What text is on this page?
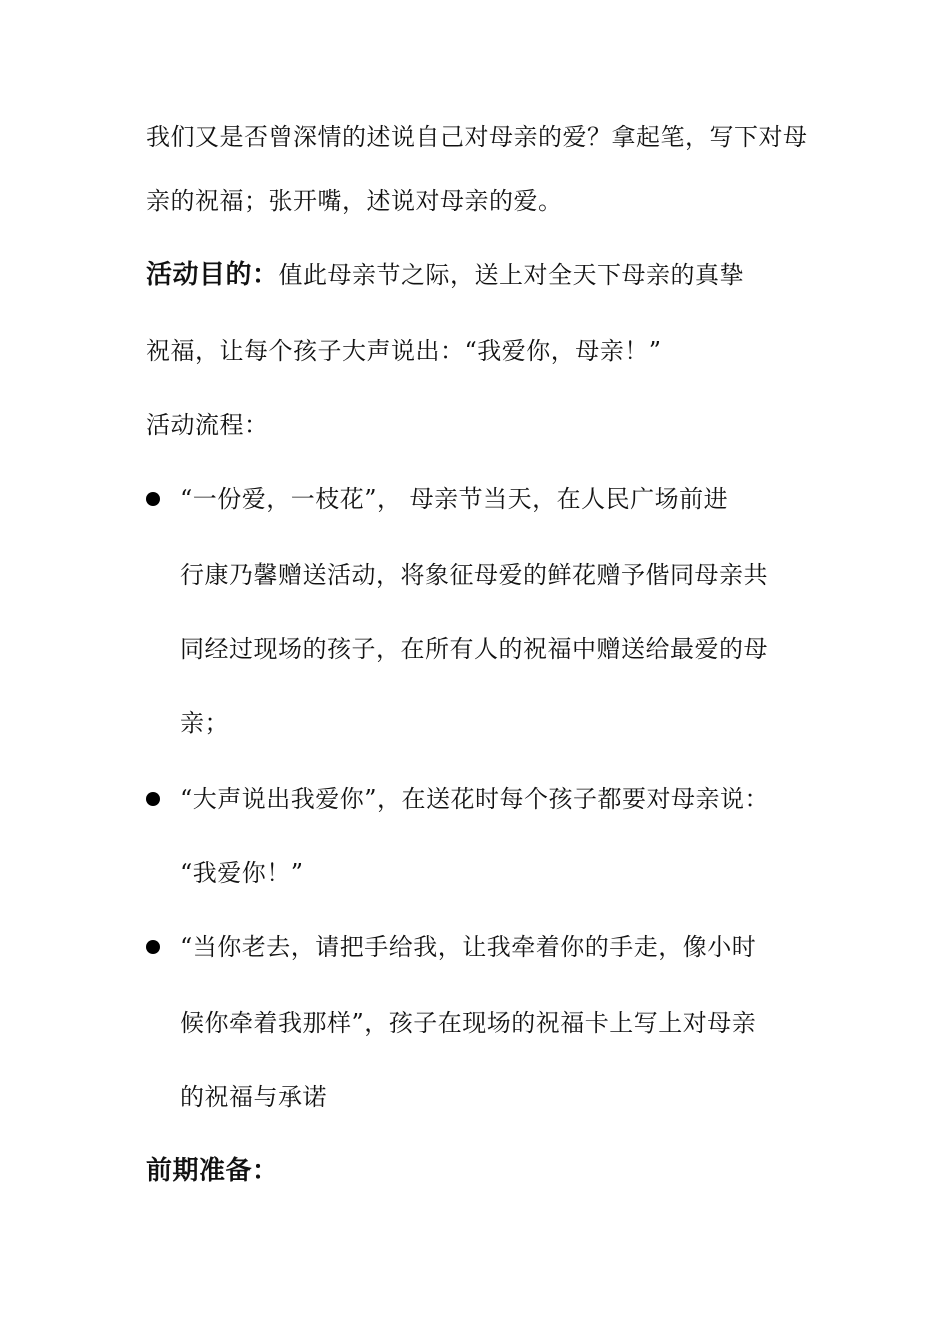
我们又是否曾深情的述说自己对母亲的爱？拿起笔，写下对母
亲的祝福；张开嘴，述说对母亲的爱。
活动目的：值此母亲节之际，送上对全天下母亲的真挚
祝福，让每个孩子大声说出：“我爱你，母亲！”
活动流程：
“一份爱，一枝花”， 母亲节当天，在人民广场前进
行康乃馨赠送活动，将象征母爱的鲜花赠予偕同母亲共
同经过现场的孩子，在所有人的祝福中赠送给最爱的母
亲；
“大声说出我爱你”，在送花时每个孩子都要对母亲说：
“我爱你！”
“当你老去，请把手给我，让我牵着你的手走，像小时
候你牵着我那样”，孩子在现场的祝福卡上写上对母亲
的祝福与承诺
前期准备：
